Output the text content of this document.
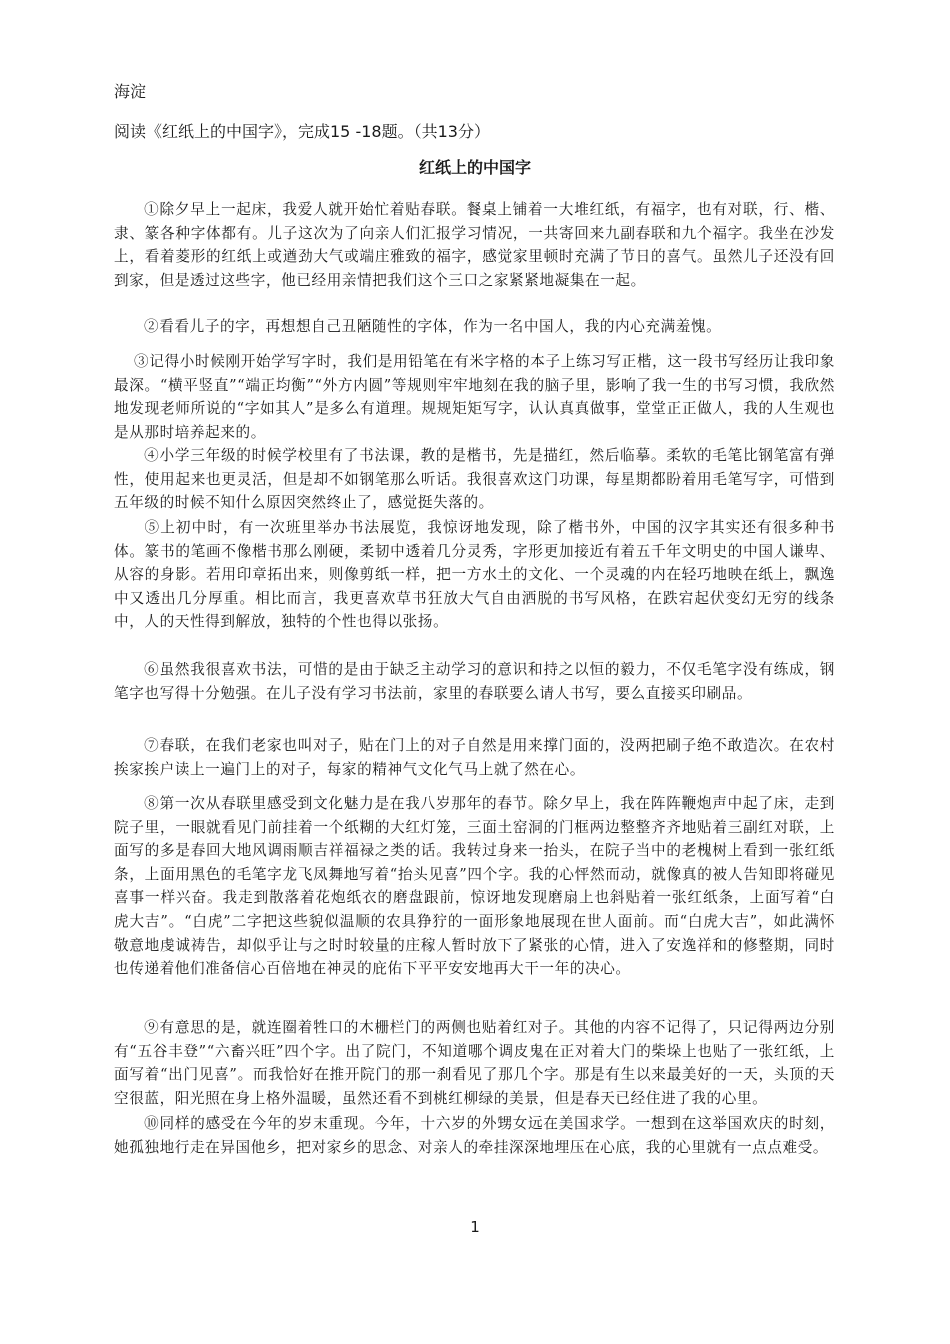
海淀
阅读《红纸上的中国字》，完成15 -18题。（共13分）
红纸上的中国字
①除夕早上一起床，我爱人就开始忙着贴春联。餐桌上铺着一大堆红纸，有福字，也有对联，行、楷、隶、篆各种字体都有。儿子这次为了向亲人们汇报学习情况，一共寄回来九副春联和九个福字。我坐在沙发上，看着菱形的红纸上或遒劲大气或端庄雅致的福字，感觉家里顿时充满了节日的喜气。虽然儿子还没有回到家，但是透过这些字，他已经用亲情把我们这个三口之家紧紧地凝集在一起。
②看看儿子的字，再想想自己丑陋随性的字体，作为一名中国人，我的内心充满羞愧。
③记得小时候刚开始学写字时，我们是用铅笔在有米字格的本子上练习写正楷，这一段书写经历让我印象最深。“横平竖直”“端正均衡”“外方内圆”等规则牢牢地刻在我的脑子里，影响了我一生的书写习惯，我欣然地发现老师所说的“字如其人”是多么有道理。规规矩矩写字，认认真真做事，堂堂正正做人，我的人生观也是从那时培养起来的。
④小学三年级的时候学校里有了书法课，教的是楷书，先是描红，然后临摹。柔软的毛笔比钢笔富有弹性，使用起来也更灵活，但是却不如钢笔那么听话。我很喜欢这门功课，每星期都盼着用毛笔写字，可惜到五年级的时候不知什么原因突然终止了，感觉挺失落的。
⑤上初中时，有一次班里举办书法展览，我惊讶地发现，除了楷书外，中国的汉字其实还有很多种书体。篆书的笔画不像楷书那么刚硬，柔韧中透着几分灵秀，字形更加接近有着五千年文明史的中国人谦卑、从容的身影。若用印章拓出来，则像剪纸一样，把一方水土的文化、一个灵魂的内在轻巧地映在纸上，飘逸中又透出几分厚重。相比而言，我更喜欢草书狂放大气自由洒脱的书写风格，在跌宕起伏变幻无穷的线条中，人的天性得到解放，独特的个性也得以张扬。
⑥虽然我很喜欢书法，可惜的是由于缺乏主动学习的意识和持之以恒的毅力，不仅毛笔字没有练成，钢笔字也写得十分勉强。在儿子没有学习书法前，家里的春联要么请人书写，要么直接买印刷品。
⑦春联，在我们老家也叫对子，贴在门上的对子自然是用来撑门面的，没两把刷子绝不敢造次。在农村挨家挨户读上一遍门上的对子，每家的精神气文化气马上就了然在心。
⑧第一次从春联里感受到文化魅力是在我八岁那年的春节。除夕早上，我在阵阵鞭炮声中起了床，走到院子里，一眼就看见门前挂着一个纸糊的大红灯笼，三面土窑洞的门框两边整整齐齐地贴着三副红对联，上面写的多是春回大地风调雨顺吉祥福禄之类的话。我转过身来一抬头，在院子当中的老槐树上看到一张红纸条，上面用黑色的毛笔字龙飞凤舞地写着“抬头见喜”四个字。我的心怦然而动，就像真的被人告知即将碰见喜事一样兴奋。我走到散落着花炮纸衣的磨盘跟前，惊讶地发现磨扇上也斜贴着一张红纸条，上面写着“白虎大吉”。“白虎”二字把这些貌似温顺的农具狰狞的一面形象地展现在世人面前。而“白虎大吉”，如此满怀敬意地虔诚祷告，却似乎让与之时时较量的庄稼人暂时放下了紧张的心情，进入了安逸祥和的修整期，同时也传递着他们准备信心百倍地在神灵的庇佑下平平安安地再大干一年的决心。
⑨有意思的是，就连圈着牲口的木栅栏门的两侧也贴着红对子。其他的内容不记得了，只记得两边分别有“五谷丰登”“六畜兴旺”四个字。出了院门，不知道哪个调皮鬼在正对着大门的柴垛上也贴了一张红纸，上面写着“出门见喜”。而我恰好在推开院门的那一刹看见了那几个字。那是有生以来最美好的一天，头顶的天空很蓝，阳光照在身上格外温暖，虽然还看不到桃红柳绿的美景，但是春天已经住进了我的心里。
⑩同样的感受在今年的岁末重现。今年，十六岁的外甥女远在美国求学。一想到在这举国欢庆的时刻，她孤独地行走在异国他乡，把对家乡的思念、对亲人的牵挂深深地埋压在心底，我的心里就有一点点难受。
1
